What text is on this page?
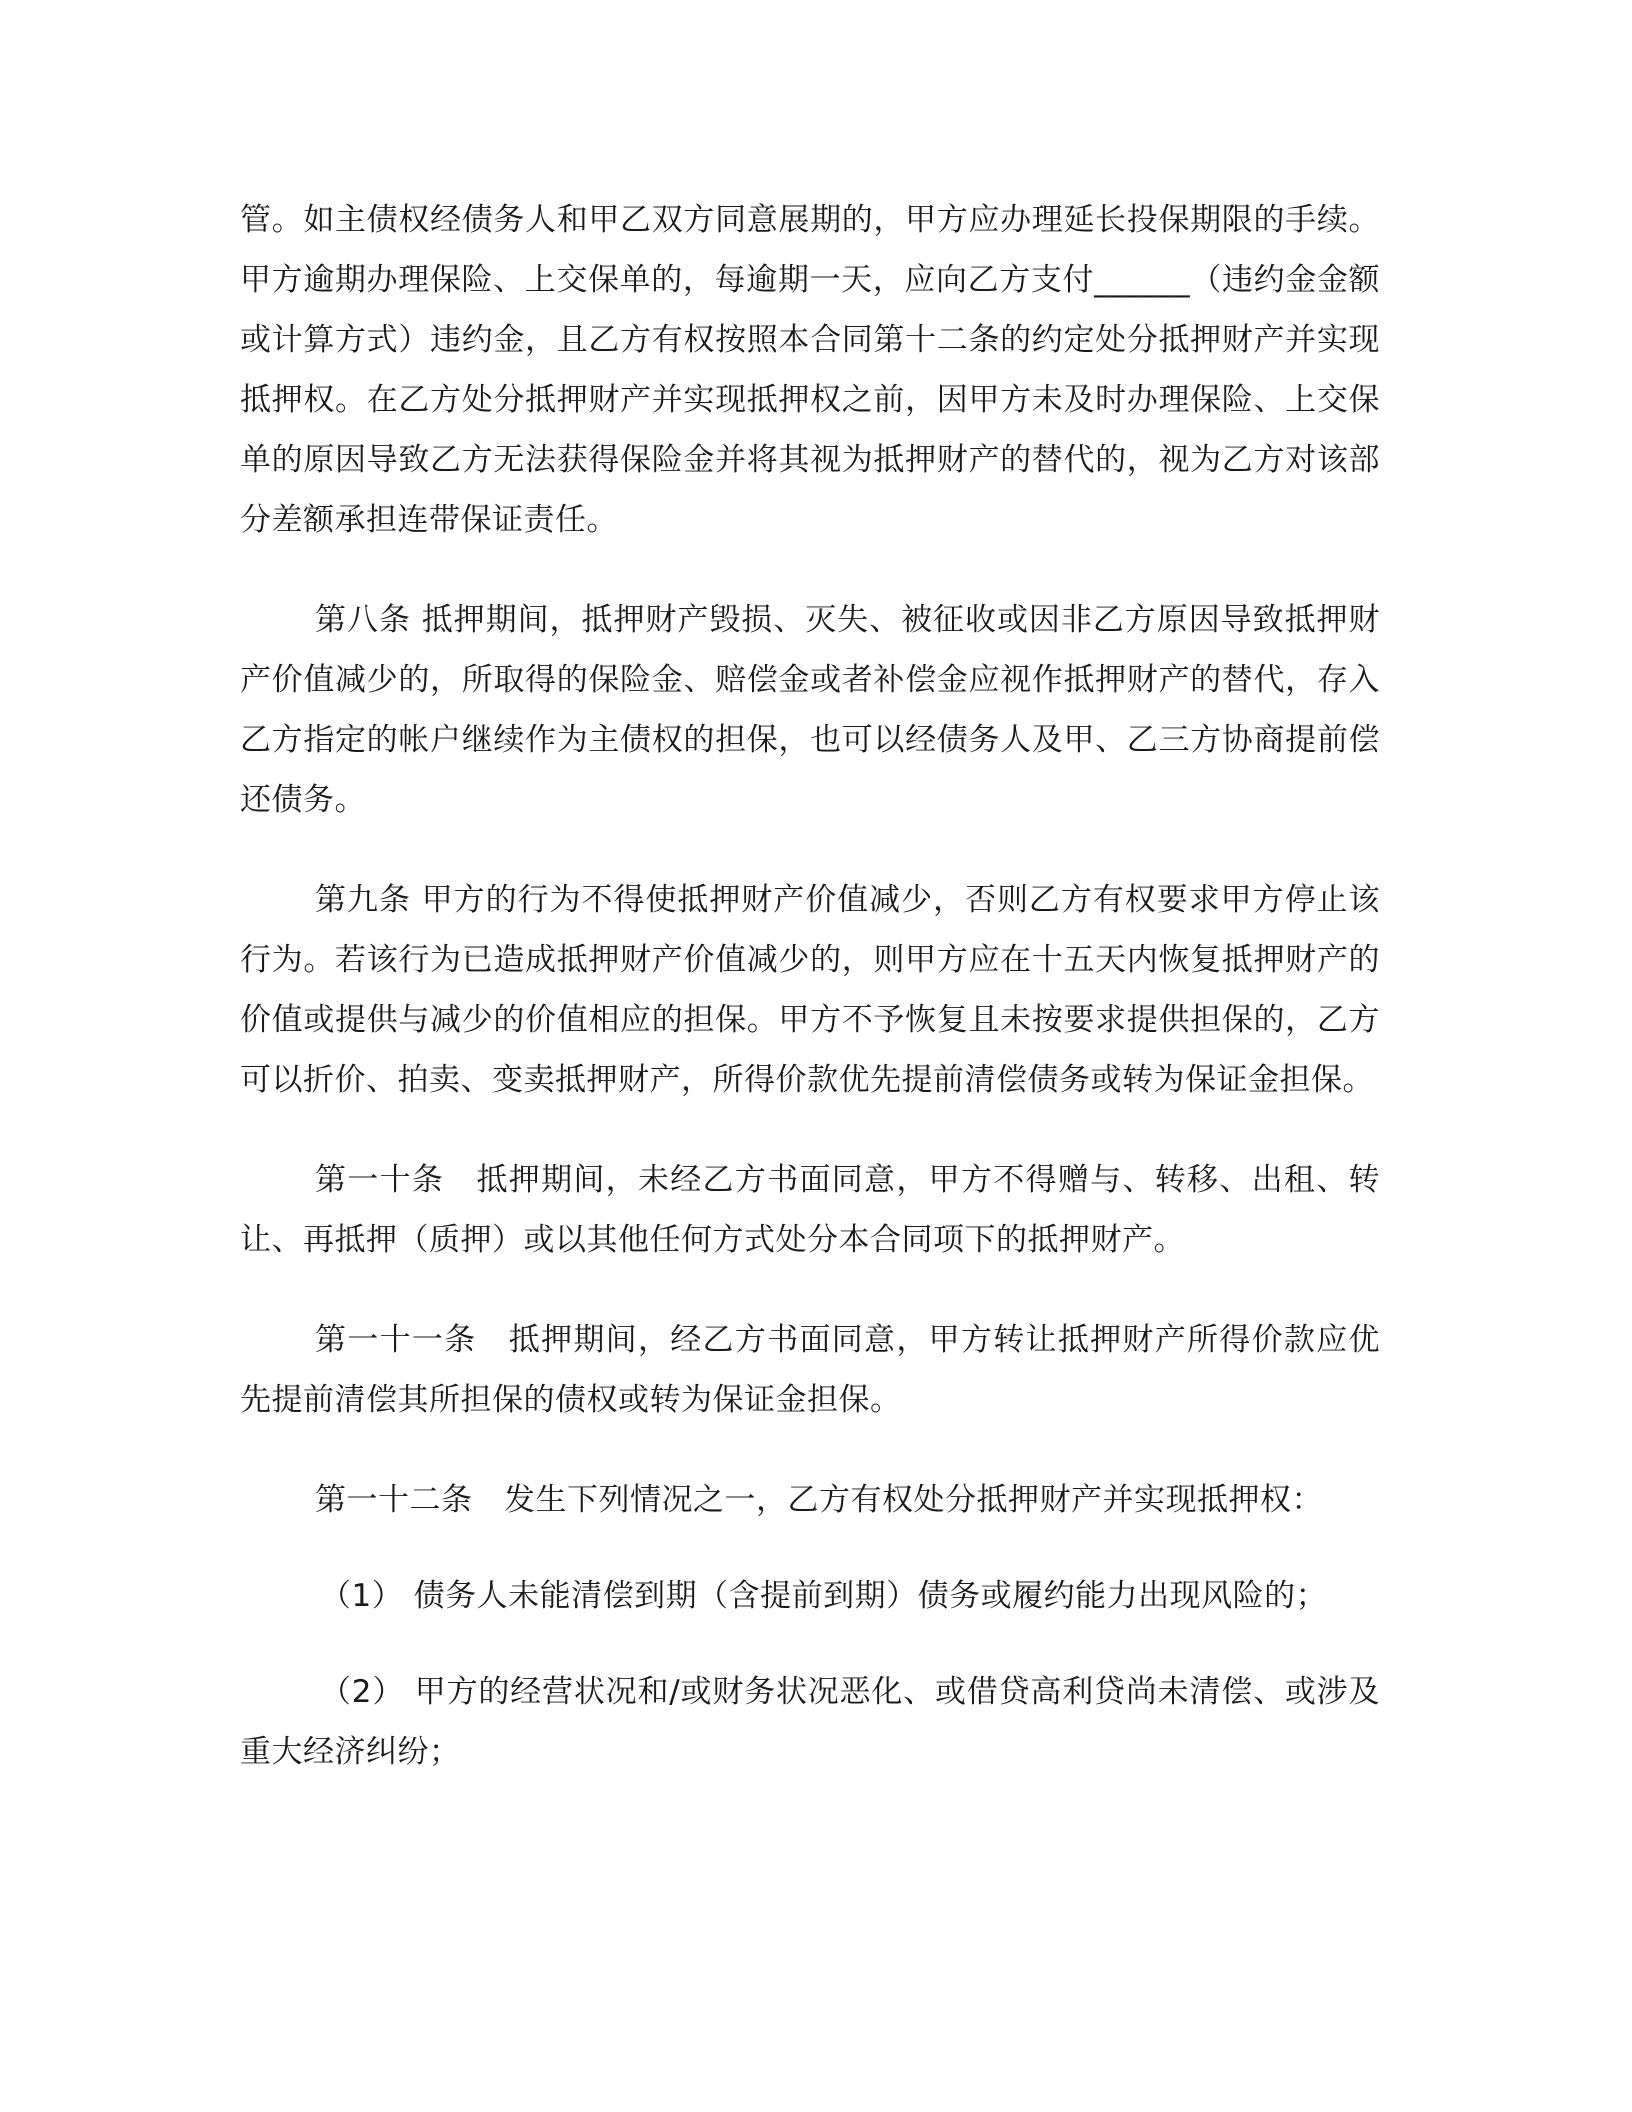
管。如主债权经债务人和甲乙双方同意展期的，甲方应办理延长投保期限的手续。甲方逾期办理保险、上交保单的，每逾期一天，应向乙方支付______（违约金金额或计算方式）违约金，且乙方有权按照本合同第十二条的约定处分抵押财产并实现抵押权。在乙方处分抵押财产并实现抵押权之前，因甲方未及时办理保险、上交保单的原因导致乙方无法获得保险金并将其视为抵押财产的替代的，视为乙方对该部分差额承担连带保证责任。

第八条 抵押期间，抵押财产毁损、灭失、被征收或因非乙方原因导致抵押财产价值减少的，所取得的保险金、赔偿金或者补偿金应视作抵押财产的替代，存入乙方指定的帐户继续作为主债权的担保，也可以经债务人及甲、乙三方协商提前偿还债务。

第九条 甲方的行为不得使抵押财产价值减少，否则乙方有权要求甲方停止该行为。若该行为已造成抵押财产价值减少的，则甲方应在十五天内恢复抵押财产的价值或提供与减少的价值相应的担保。甲方不予恢复且未按要求提供担保的，乙方可以折价、拍卖、变卖抵押财产，所得价款优先提前清偿债务或转为保证金担保。

第一十条　抵押期间，未经乙方书面同意，甲方不得赠与、转移、出租、转让、再抵押（质押）或以其他任何方式处分本合同项下的抵押财产。

第一十一条　抵押期间，经乙方书面同意，甲方转让抵押财产所得价款应优先提前清偿其所担保的债权或转为保证金担保。

第一十二条　发生下列情况之一，乙方有权处分抵押财产并实现抵押权：

（1） 债务人未能清偿到期（含提前到期）债务或履约能力出现风险的；

（2） 甲方的经营状况和/或财务状况恶化、或借贷高利贷尚未清偿、或涉及重大经济纠纷；
